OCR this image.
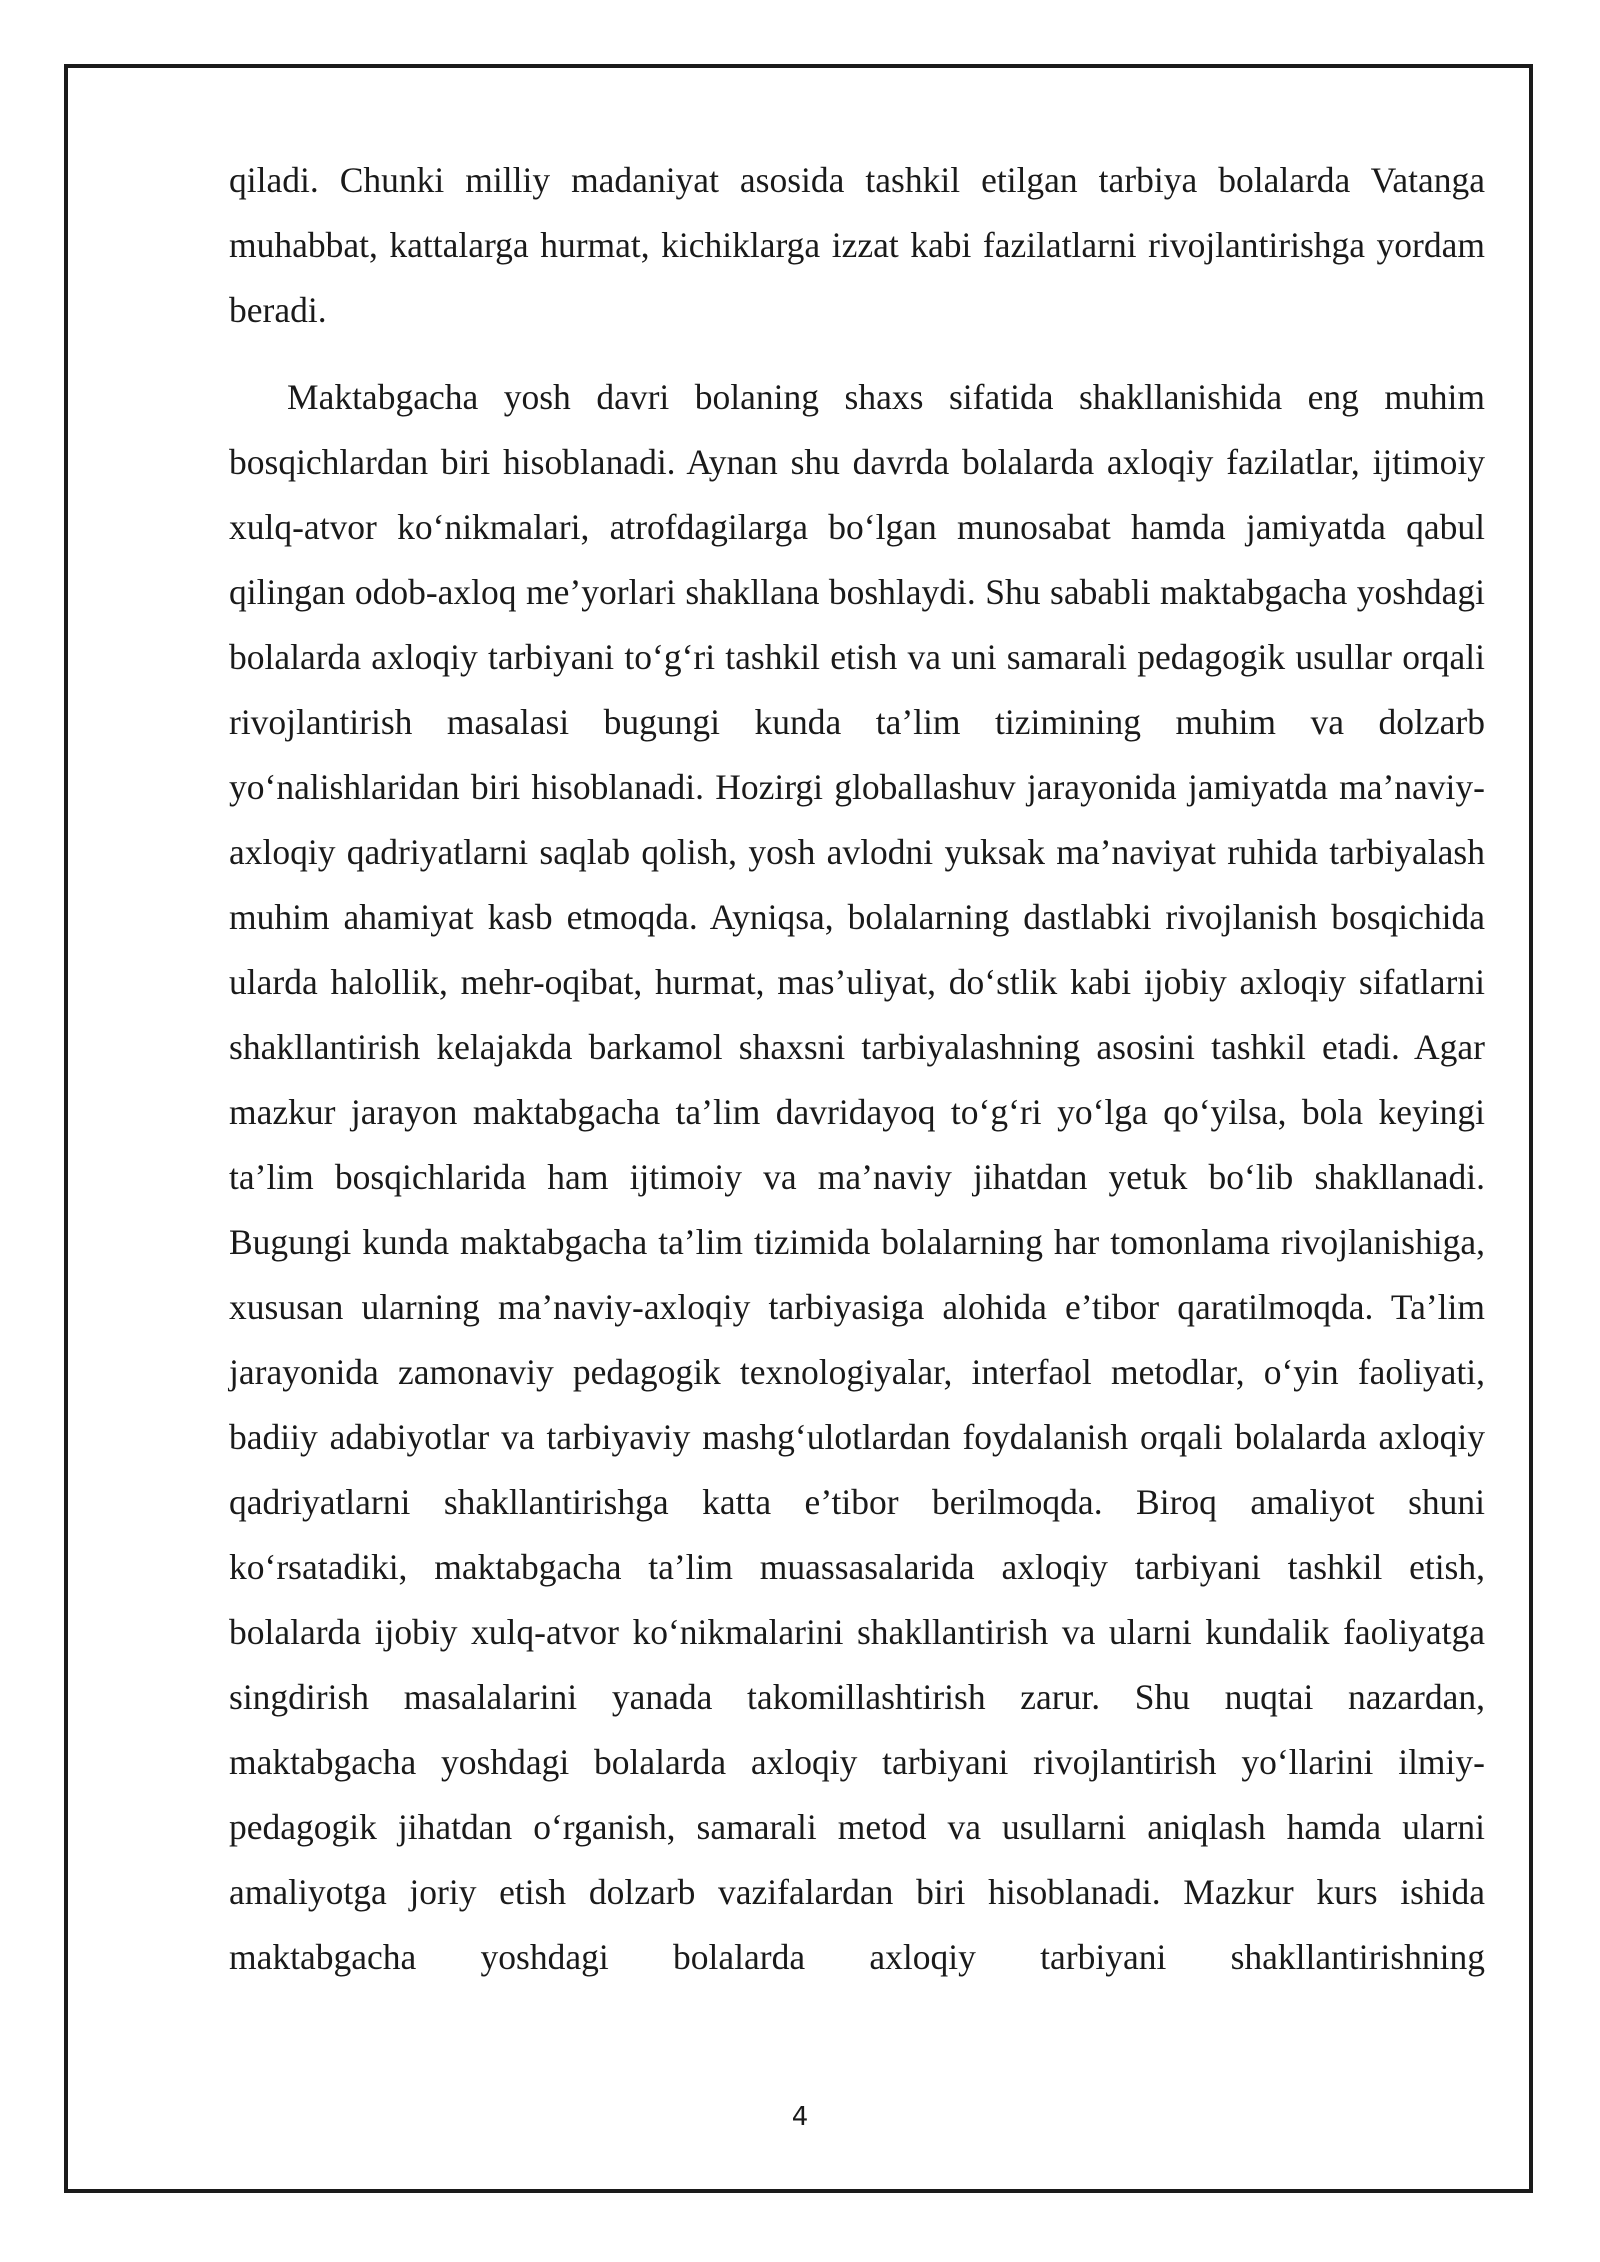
qiladi. Chunki milliy madaniyat asosida tashkil etilgan tarbiya bolalarda Vatanga muhabbat, kattalarga hurmat, kichiklarga izzat kabi fazilatlarni rivojlantirishga yordam beradi.

Maktabgacha yosh davri bolaning shaxs sifatida shakllanishida eng muhim bosqichlardan biri hisoblanadi. Aynan shu davrda bolalarda axloqiy fazilatlar, ijtimoiy xulq-atvor koʻnikmalari, atrofdagilarga boʻlgan munosabat hamda jamiyatda qabul qilingan odob-axloq me’yorlari shakllana boshlaydi. Shu sababli maktabgacha yoshdagi bolalarda axloqiy tarbiyani toʻgʻri tashkil etish va uni samarali pedagogik usullar orqali rivojlantirish masalasi bugungi kunda ta’lim tizimining muhim va dolzarb yoʻnalishlaridan biri hisoblanadi. Hozirgi globallashuv jarayonida jamiyatda ma’naviy-axloqiy qadriyatlarni saqlab qolish, yosh avlodni yuksak ma’naviyat ruhida tarbiyalash muhim ahamiyat kasb etmoqda. Ayniqsa, bolalarning dastlabki rivojlanish bosqichida ularda halollik, mehr-oqibat, hurmat, mas’uliyat, doʻstlik kabi ijobiy axloqiy sifatlarni shakllantirish kelajakda barkamol shaxsni tarbiyalashning asosini tashkil etadi. Agar mazkur jarayon maktabgacha ta’lim davridayoq toʻgʻri yoʻlga qoʻyilsa, bola keyingi ta’lim bosqichlarida ham ijtimoiy va ma’naviy jihatdan yetuk boʻlib shakllanadi. Bugungi kunda maktabgacha ta’lim tizimida bolalarning har tomonlama rivojlanishiga, xususan ularning ma’naviy-axloqiy tarbiyasiga alohida e’tibor qaratilmoqda. Ta’lim jarayonida zamonaviy pedagogik texnologiyalar, interfaol metodlar, oʻyin faoliyati, badiiy adabiyotlar va tarbiyaviy mashgʻulotlardan foydalanish orqali bolalarda axloqiy qadriyatlarni shakllantirishga katta e’tibor berilmoqda. Biroq amaliyot shuni koʻrsatadiki, maktabgacha ta’lim muassasalarida axloqiy tarbiyani tashkil etish, bolalarda ijobiy xulq-atvor koʻnikmalarini shakllantirish va ularni kundalik faoliyatga singdirish masalalarini yanada takomillashtirish zarur. Shu nuqtai nazardan, maktabgacha yoshdagi bolalarda axloqiy tarbiyani rivojlantirish yoʻllarini ilmiy-pedagogik jihatdan oʻrganish, samarali metod va usullarni aniqlash hamda ularni amaliyotga joriy etish dolzarb vazifalardan biri hisoblanadi. Mazkur kurs ishida maktabgacha yoshdagi bolalarda axloqiy tarbiyani shakllantirishning

4
